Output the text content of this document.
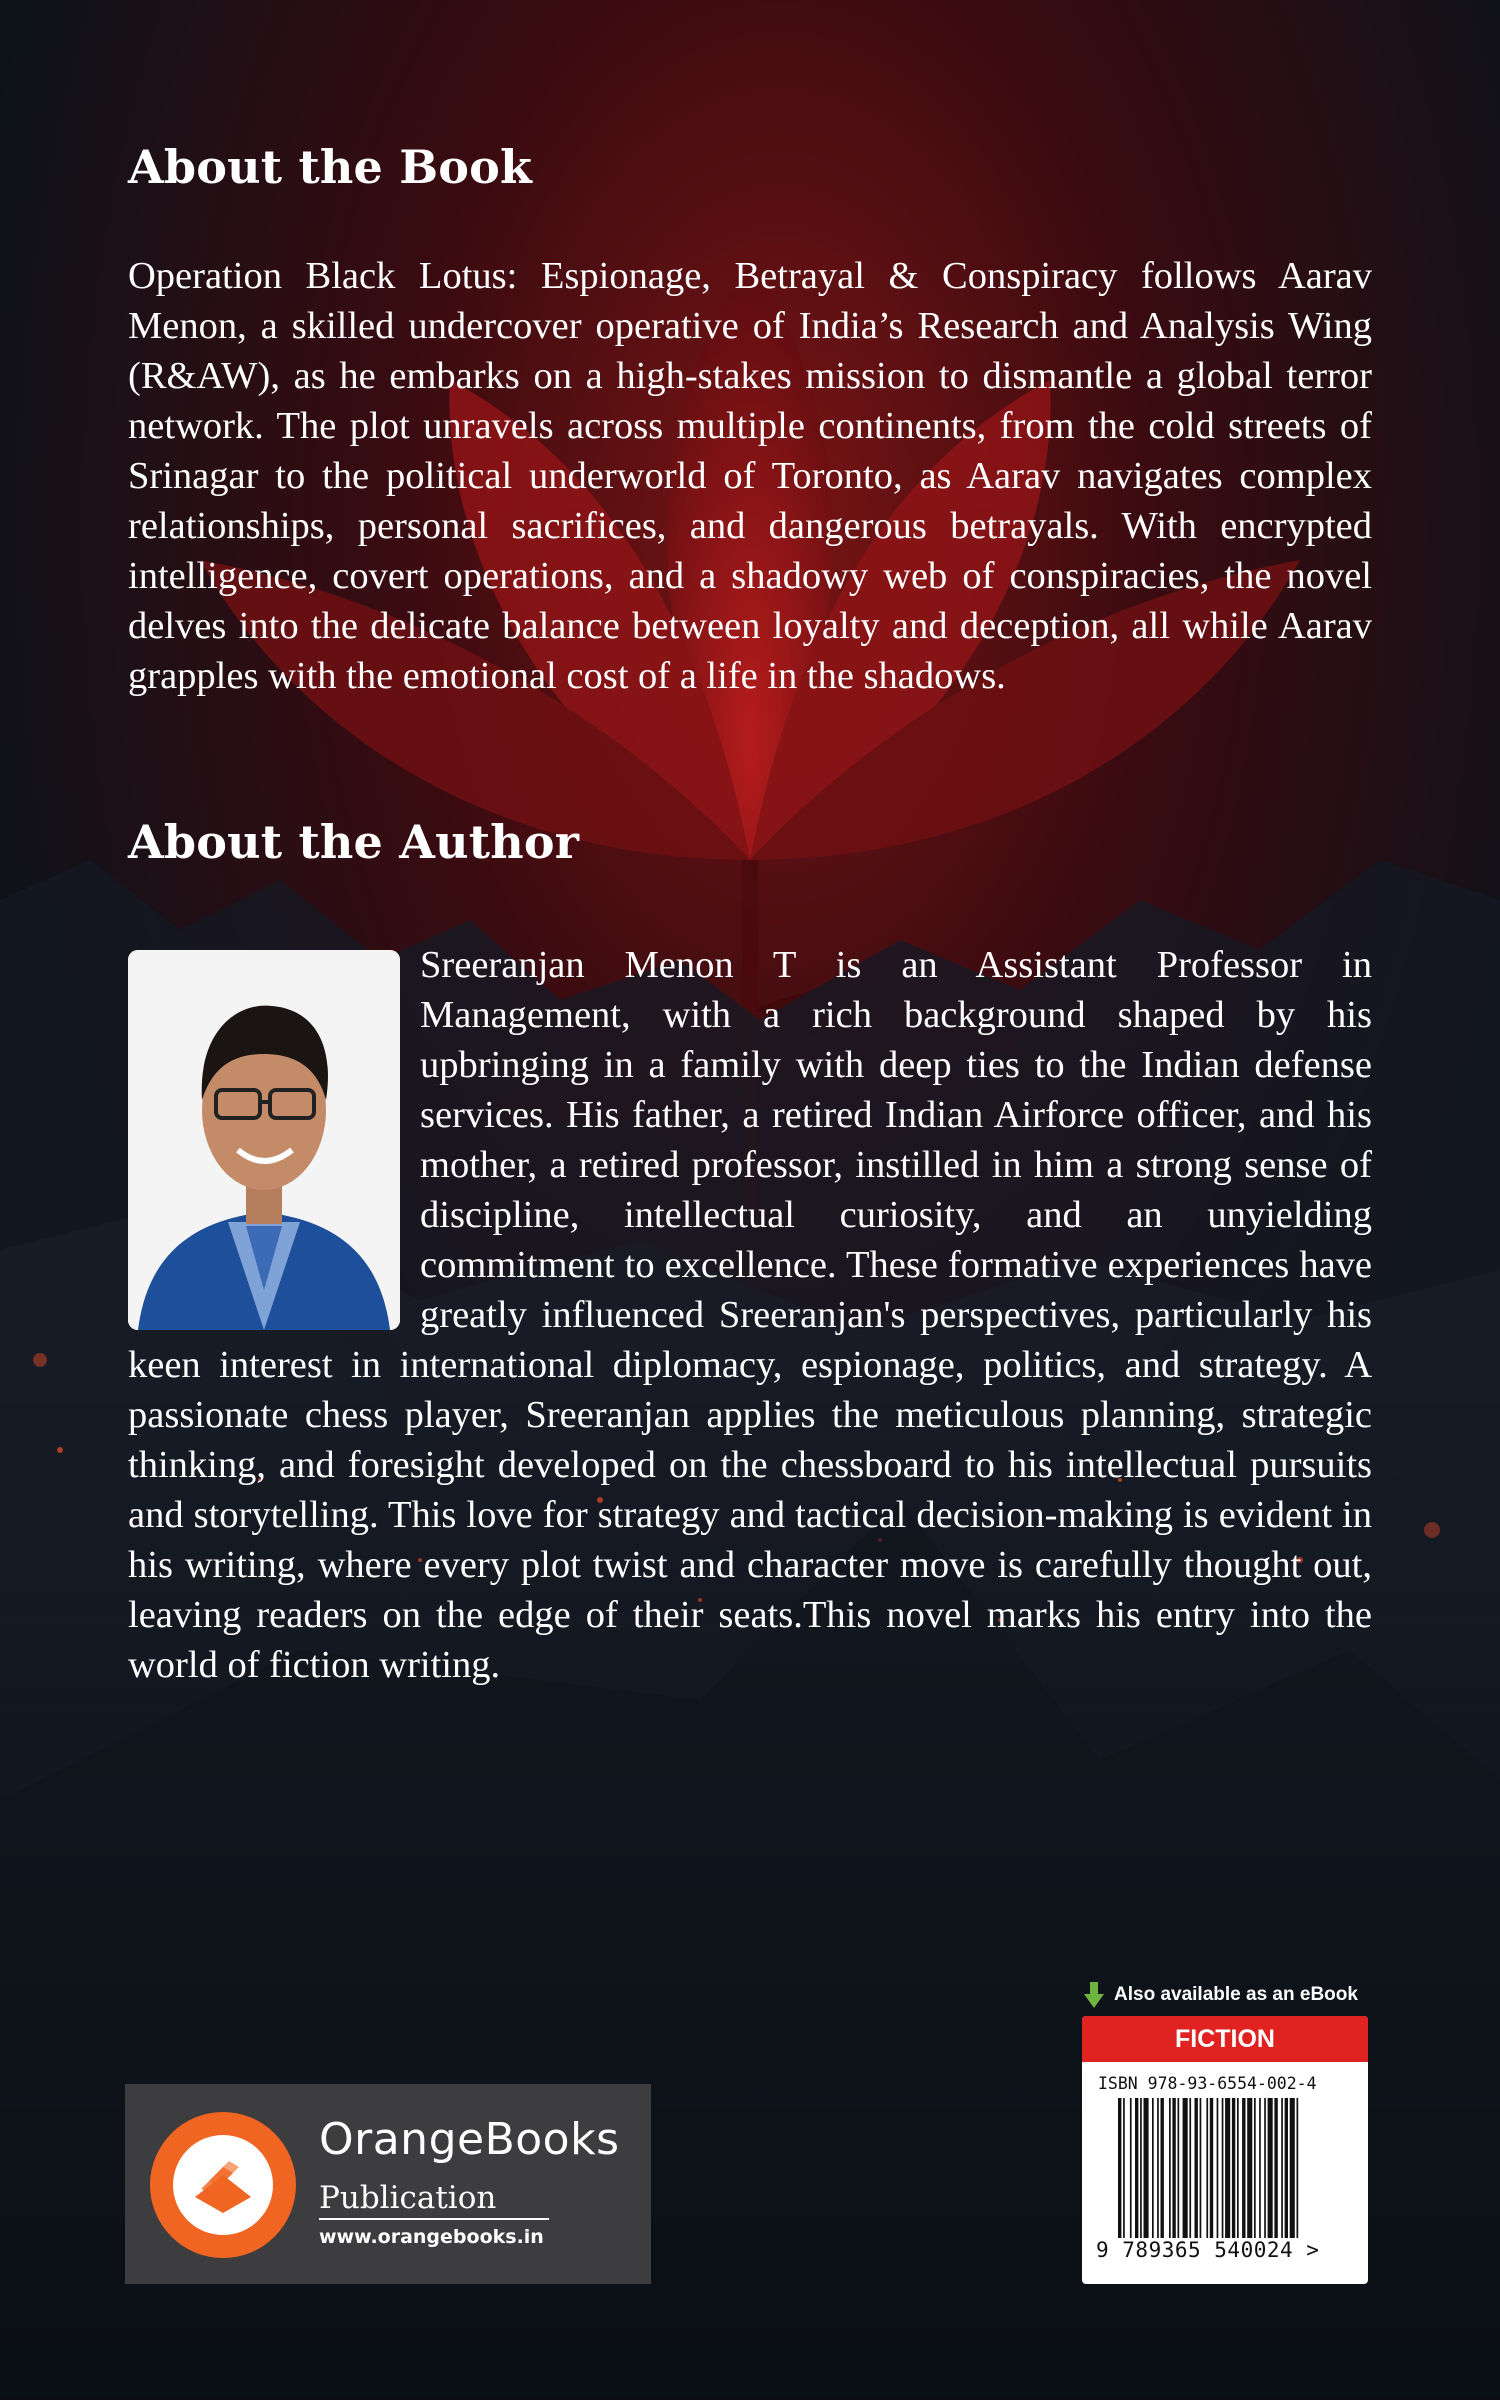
About the Book
Operation Black Lotus: Espionage, Betrayal & Conspiracy follows Aarav Menon, a skilled undercover operative of India’s Research and Analysis Wing (R&AW), as he embarks on a high-stakes mission to dismantle a global terror network. The plot unravels across multiple continents, from the cold streets of Srinagar to the political underworld of Toronto, as Aarav navigates complex relationships, personal sacrifices, and dangerous betrayals. With encrypted intelligence, covert operations, and a shadowy web of conspiracies, the novel delves into the delicate balance between loyalty and deception, all while Aarav grapples with the emotional cost of a life in the shadows.
About the Author
Sreeranjan Menon T is an Assistant Professor in Management, with a rich background shaped by his upbringing in a family with deep ties to the Indian defense services. His father, a retired Indian Airforce officer, and his mother, a retired professor, instilled in him a strong sense of discipline, intellectual curiosity, and an unyielding commitment to excellence. These formative experiences have greatly influenced Sreeranjan's perspectives, particularly his keen interest in international diplomacy, espionage, politics, and strategy. A passionate chess player, Sreeranjan applies the meticulous planning, strategic thinking, and foresight developed on the chessboard to his intellectual pursuits and storytelling. This love for strategy and tactical decision-making is evident in his writing, where every plot twist and character move is carefully thought out, leaving readers on the edge of their seats.This novel marks his entry into the world of fiction writing.
OrangeBooks
Publication
www.orangebooks.in
Also available as an eBook
FICTION
ISBN 978-93-6554-002-4
9 789365 540024 >
